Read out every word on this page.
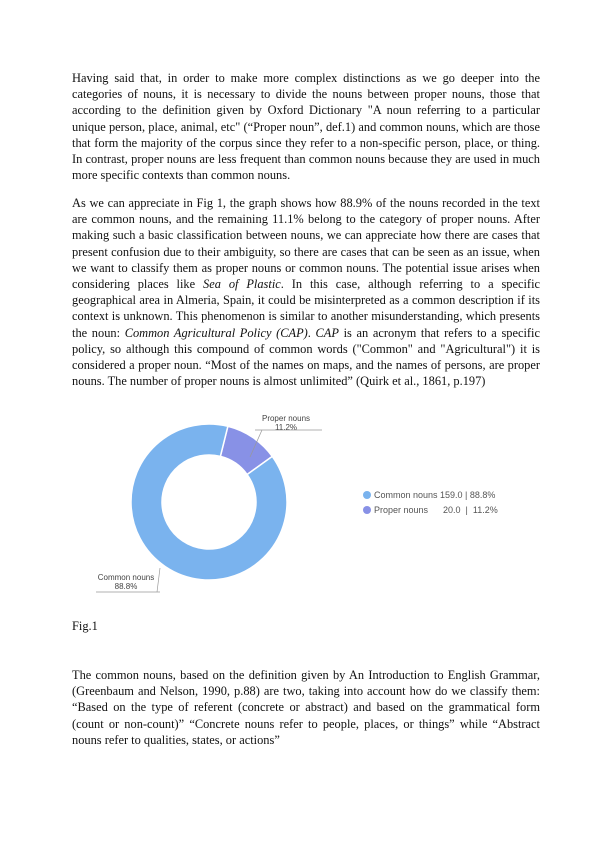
Having said that, in order to make more complex distinctions as we go deeper into the categories of nouns, it is necessary to divide the nouns between proper nouns, those that according to the definition given by Oxford Dictionary "A noun referring to a particular unique person, place, animal, etc" (“Proper noun”, def.1) and common nouns, which are those that form the majority of the corpus since they refer to a non-specific person, place, or thing. In contrast, proper nouns are less frequent than common nouns because they are used in much more specific contexts than common nouns.

As we can appreciate in Fig 1, the graph shows how 88.9% of the nouns recorded in the text are common nouns, and the remaining 11.1% belong to the category of proper nouns. After making such a basic classification between nouns, we can appreciate how there are cases that present confusion due to their ambiguity, so there are cases that can be seen as an issue, when we want to classify them as proper nouns or common nouns. The potential issue arises when considering places like Sea of Plastic. In this case, although referring to a specific geographical area in Almeria, Spain, it could be misinterpreted as a common description if its context is unknown. This phenomenon is similar to another misunderstanding, which presents the noun: Common Agricultural Policy (CAP). CAP is an acronym that refers to a specific policy, so although this compound of common words ("Common" and "Agricultural") it is considered a proper noun. “Most of the names on maps, and the names of persons, are proper nouns. The number of proper nouns is almost unlimited” (Quirk et al., 1861, p.197)

Proper nouns
11.2%
Common nouns
88.8%
Common nouns 159.0 | 88.8%
Proper nouns      20.0  |  11.2%
Fig.1

The common nouns, based on the definition given by An Introduction to English Grammar, (Greenbaum and Nelson, 1990, p.88) are two, taking into account how do we classify them: “Based on the type of referent (concrete or abstract) and based on the grammatical form (count or non-count)” “Concrete nouns refer to people, places, or things” while “Abstract nouns refer to qualities, states, or actions”
